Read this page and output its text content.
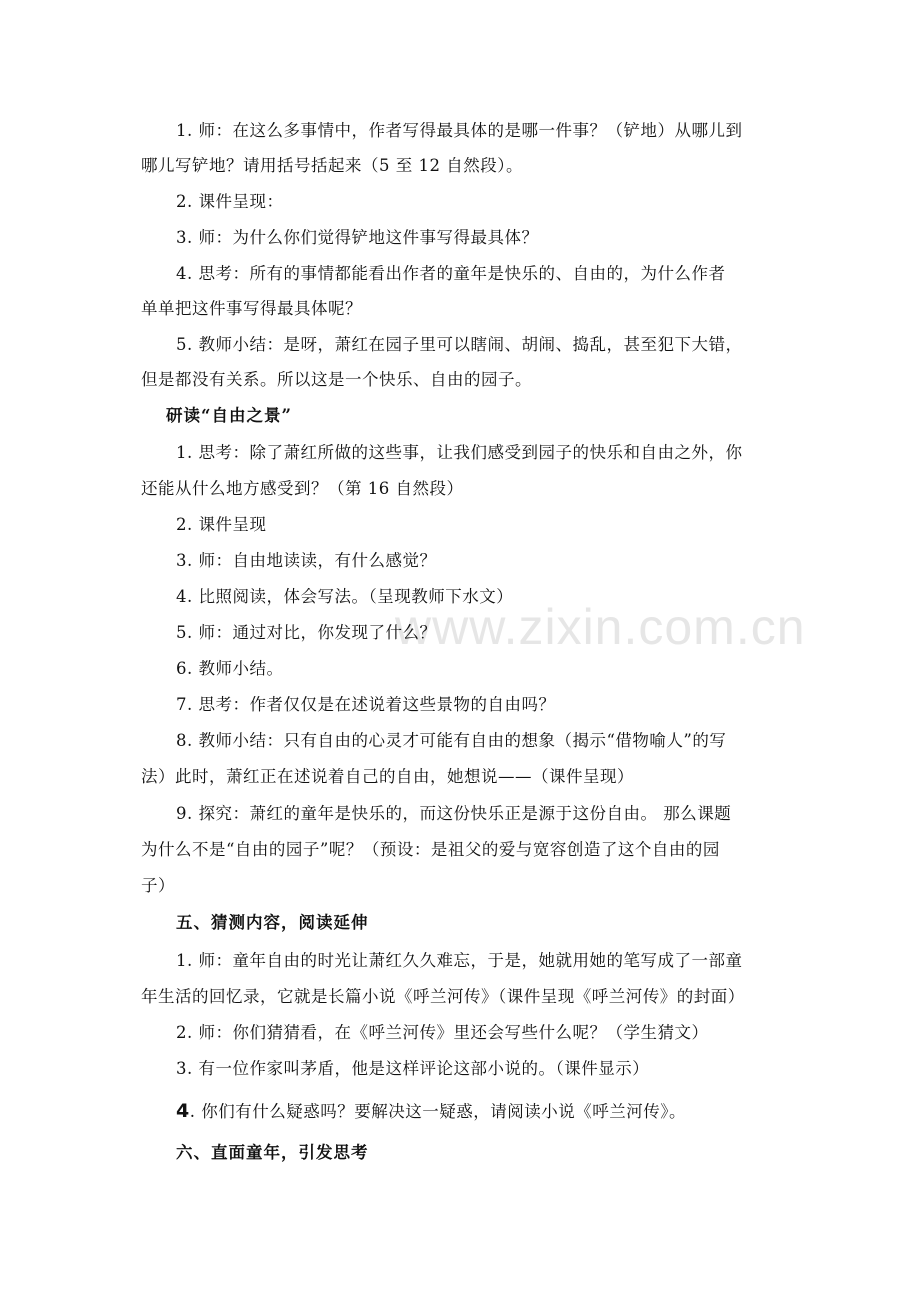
www.zixin.com.cn
1. 师：在这么多事情中，作者写得最具体的是哪一件事？（铲地）从哪儿到
哪儿写铲地？请用括号括起来（5 至 12 自然段）。
2. 课件呈现：
3. 师：为什么你们觉得铲地这件事写得最具体？
4. 思考：所有的事情都能看出作者的童年是快乐的、自由的，为什么作者
单单把这件事写得最具体呢？
5. 教师小结：是呀，萧红在园子里可以瞎闹、胡闹、捣乱，甚至犯下大错，
但是都没有关系。所以这是一个快乐、自由的园子。
研读“自由之景”
1. 思考：除了萧红所做的这些事，让我们感受到园子的快乐和自由之外，你
还能从什么地方感受到？（第 16 自然段）
2. 课件呈现
3. 师：自由地读读，有什么感觉？
4. 比照阅读，体会写法。（呈现教师下水文）
5. 师：通过对比，你发现了什么？
6. 教师小结。
7. 思考：作者仅仅是在述说着这些景物的自由吗？
8. 教师小结：只有自由的心灵才可能有自由的想象（揭示“借物喻人”的写
法）此时，萧红正在述说着自己的自由，她想说——（课件呈现）
9. 探究：萧红的童年是快乐的，而这份快乐正是源于这份自由。 那么课题
为什么不是“自由的园子”呢？（预设：是祖父的爱与宽容创造了这个自由的园
子）
五、猜测内容，阅读延伸
1. 师：童年自由的时光让萧红久久难忘，于是，她就用她的笔写成了一部童
年生活的回忆录，它就是长篇小说《呼兰河传》（课件呈现《呼兰河传》的封面）
2. 师：你们猜猜看，在《呼兰河传》里还会写些什么呢？（学生猜文）
3. 有一位作家叫茅盾，他是这样评论这部小说的。（课件显示）
4. 你们有什么疑惑吗？要解决这一疑惑，请阅读小说《呼兰河传》。
六、直面童年，引发思考
